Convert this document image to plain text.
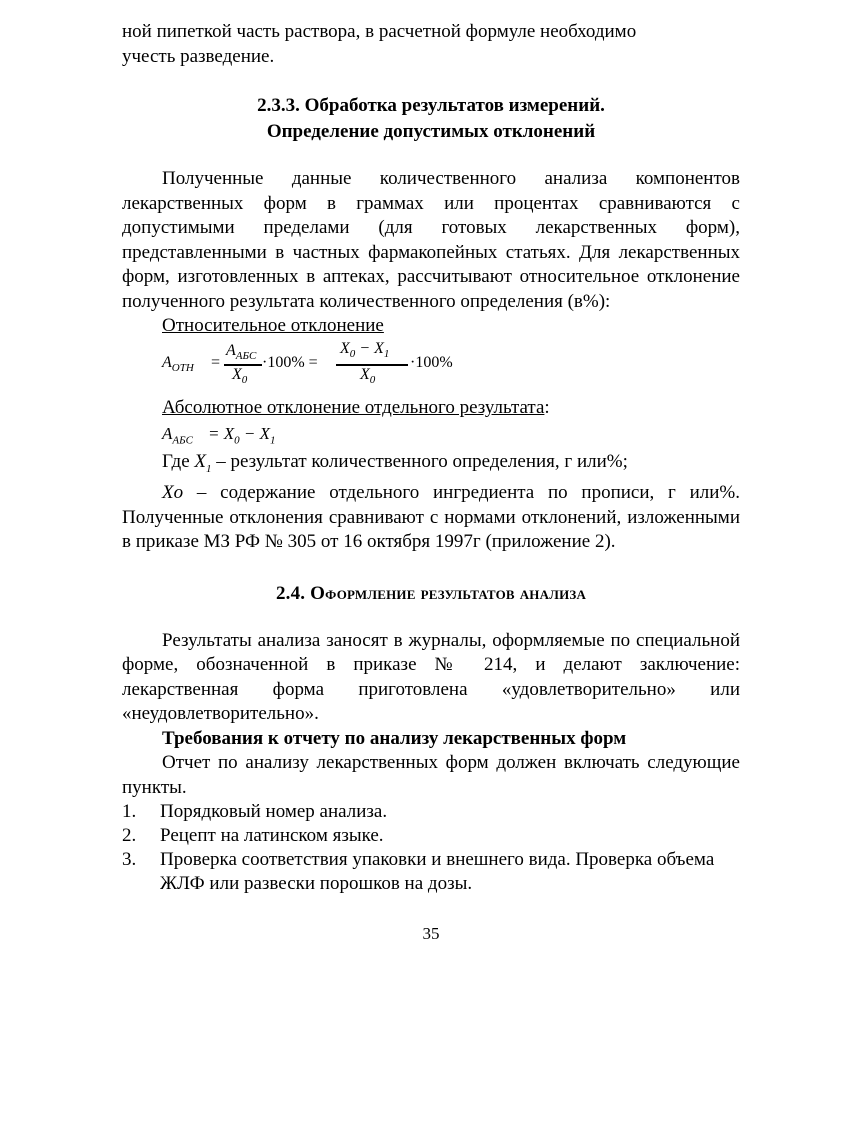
ной пипеткой часть раствора, в расчетной формуле необходимо

учесть разведение.

2.3.3. Обработка результатов измерений.
Определение допустимых отклонений

Полученные данные количественного анализа компонентов лекарственных форм в граммах или процентах сравниваются с допустимыми пределами (для готовых лекарственных форм), представленными в частных фармакопейных статьях. Для лекарственных форм, изготовленных в аптеках, рассчитывают относительное отклонение полученного результата количественного определения (в%):

Относительное отклонение
$A_{ОТН}$ =
$A_{АБС}$
$X_0$
·100% =
$X_0 - X_1$
$X_0$
·100%
Абсолютное отклонение отдельного результата:
$A_{АБС} = X_0 - X_1$

Где $X_1$ – результат количественного определения, г или%;

Xo – содержание отдельного ингредиента по прописи, г или%. Полученные отклонения сравнивают с нормами отклонений, изложенными в приказе МЗ РФ № 305 от 16 октября 1997г (приложение 2).

2.4. Оформление результатов анализа

Результаты анализа заносят в журналы, оформляемые по специальной форме, обозначенной в приказе № 214, и делают заключение: лекарственная форма приготовлена «удовлетворительно» или «неудовлетворительно».

Требования к отчету по анализу лекарственных форм

Отчет по анализу лекарственных форм должен включать следующие пункты.

1.	Порядковый номер анализа.
2.	Рецепт на латинском языке.
3.	Проверка соответствия упаковки и внешнего вида. Проверка объема ЖЛФ или развески порошков на дозы.
35
